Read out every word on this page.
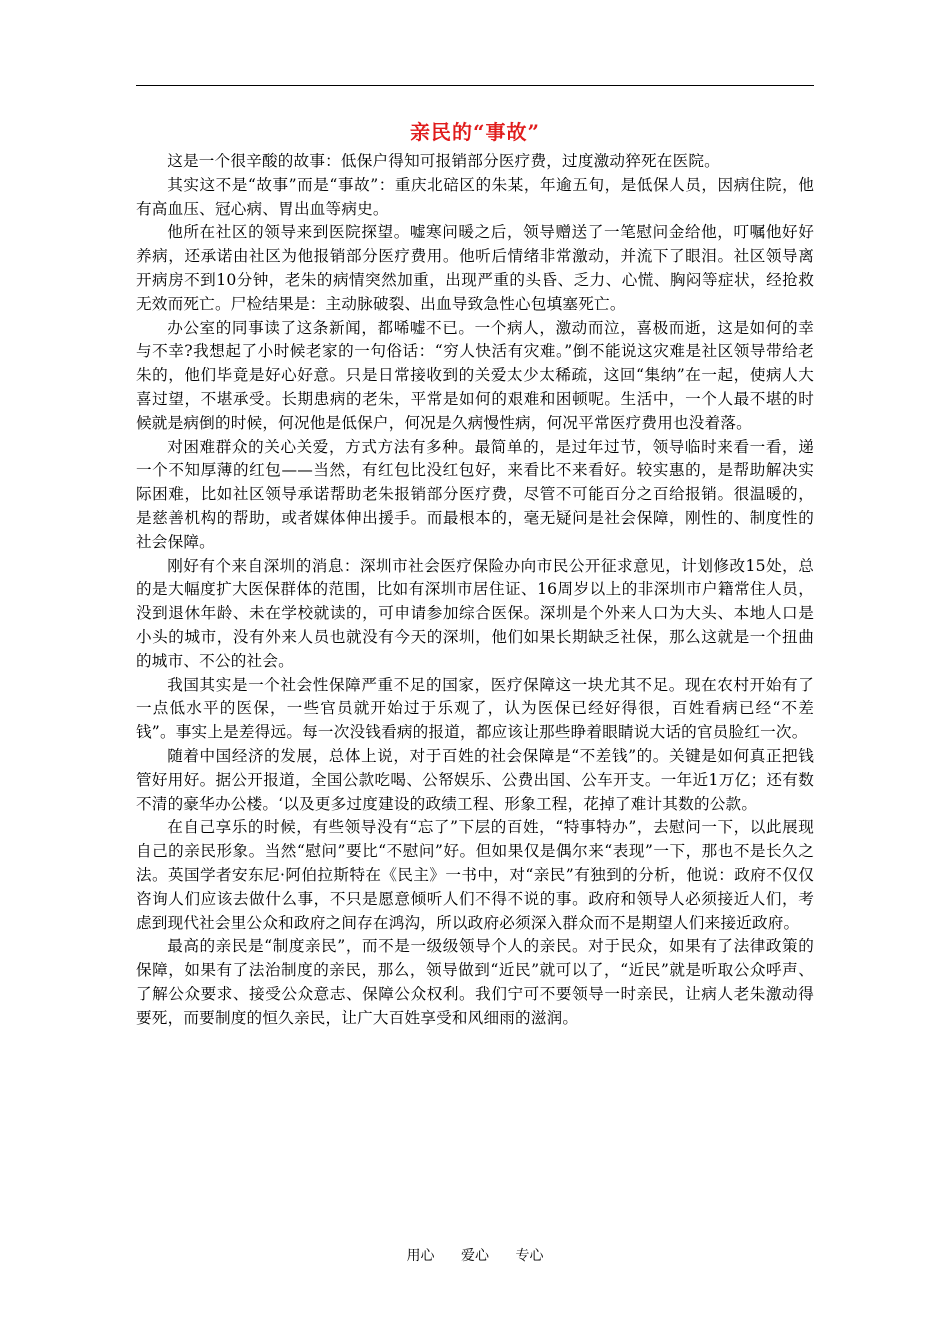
亲民的“事故”

这是一个很辛酸的故事：低保户得知可报销部分医疗费，过度激动猝死在医院。

其实这不是“故事”而是“事故”：重庆北碚区的朱某，年逾五旬，是低保人员，因病住院，他有高血压、冠心病、胃出血等病史。

他所在社区的领导来到医院探望。嘘寒问暖之后，领导赠送了一笔慰问金给他，叮嘱他好好养病，还承诺由社区为他报销部分医疗费用。他听后情绪非常激动，并流下了眼泪。社区领导离开病房不到10分钟，老朱的病情突然加重，出现严重的头昏、乏力、心慌、胸闷等症状，经抢救无效而死亡。尸检结果是：主动脉破裂、出血导致急性心包填塞死亡。

办公室的同事读了这条新闻，都唏嘘不已。一个病人，激动而泣，喜极而逝，这是如何的幸与不幸?我想起了小时候老家的一句俗话：“穷人快活有灾难。”倒不能说这灾难是社区领导带给老朱的，他们毕竟是好心好意。只是日常接收到的关爱太少太稀疏，这回“集纳”在一起，使病人大喜过望，不堪承受。长期患病的老朱，平常是如何的艰难和困顿呢。生活中，一个人最不堪的时候就是病倒的时候，何况他是低保户，何况是久病慢性病，何况平常医疗费用也没着落。

对困难群众的关心关爱，方式方法有多种。最简单的，是过年过节，领导临时来看一看，递一个不知厚薄的红包——当然，有红包比没红包好，来看比不来看好。较实惠的，是帮助解决实际困难，比如社区领导承诺帮助老朱报销部分医疗费，尽管不可能百分之百给报销。很温暖的，是慈善机构的帮助，或者媒体伸出援手。而最根本的，毫无疑问是社会保障，刚性的、制度性的社会保障。

刚好有个来自深圳的消息：深圳市社会医疗保险办向市民公开征求意见，计划修改15处，总的是大幅度扩大医保群体的范围，比如有深圳市居住证、16周岁以上的非深圳市户籍常住人员，没到退休年龄、未在学校就读的，可申请参加综合医保。深圳是个外来人口为大头、本地人口是小头的城市，没有外来人员也就没有今天的深圳，他们如果长期缺乏社保，那么这就是一个扭曲的城市、不公的社会。

我国其实是一个社会性保障严重不足的国家，医疗保障这一块尤其不足。现在农村开始有了一点低水平的医保，一些官员就开始过于乐观了，认为医保已经好得很，百姓看病已经“不差钱”。事实上是差得远。每一次没钱看病的报道，都应该让那些睁着眼睛说大话的官员脸红一次。

随着中国经济的发展，总体上说，对于百姓的社会保障是“不差钱”的。关键是如何真正把钱管好用好。据公开报道，全国公款吃喝、公帑娱乐、公费出国、公车开支。一年近1万亿；还有数不清的豪华办公楼。‘以及更多过度建设的政绩工程、形象工程，花掉了难计其数的公款。

在自己享乐的时候，有些领导没有“忘了”下层的百姓，“特事特办”，去慰问一下，以此展现自己的亲民形象。当然“慰问”要比“不慰问”好。但如果仅是偶尔来“表现”一下，那也不是长久之法。英国学者安东尼·阿伯拉斯特在《民主》一书中，对“亲民”有独到的分析，他说：政府不仅仅咨询人们应该去做什么事，不只是愿意倾听人们不得不说的事。政府和领导人必须接近人们，考虑到现代社会里公众和政府之间存在鸿沟，所以政府必须深入群众而不是期望人们来接近政府。

最高的亲民是“制度亲民”，而不是一级级领导个人的亲民。对于民众，如果有了法律政策的保障，如果有了法治制度的亲民，那么，领导做到“近民”就可以了，“近民”就是听取公众呼声、了解公众要求、接受公众意志、保障公众权利。我们宁可不要领导一时亲民，让病人老朱激动得要死，而要制度的恒久亲民，让广大百姓享受和风细雨的滋润。

用心 爱心 专心
